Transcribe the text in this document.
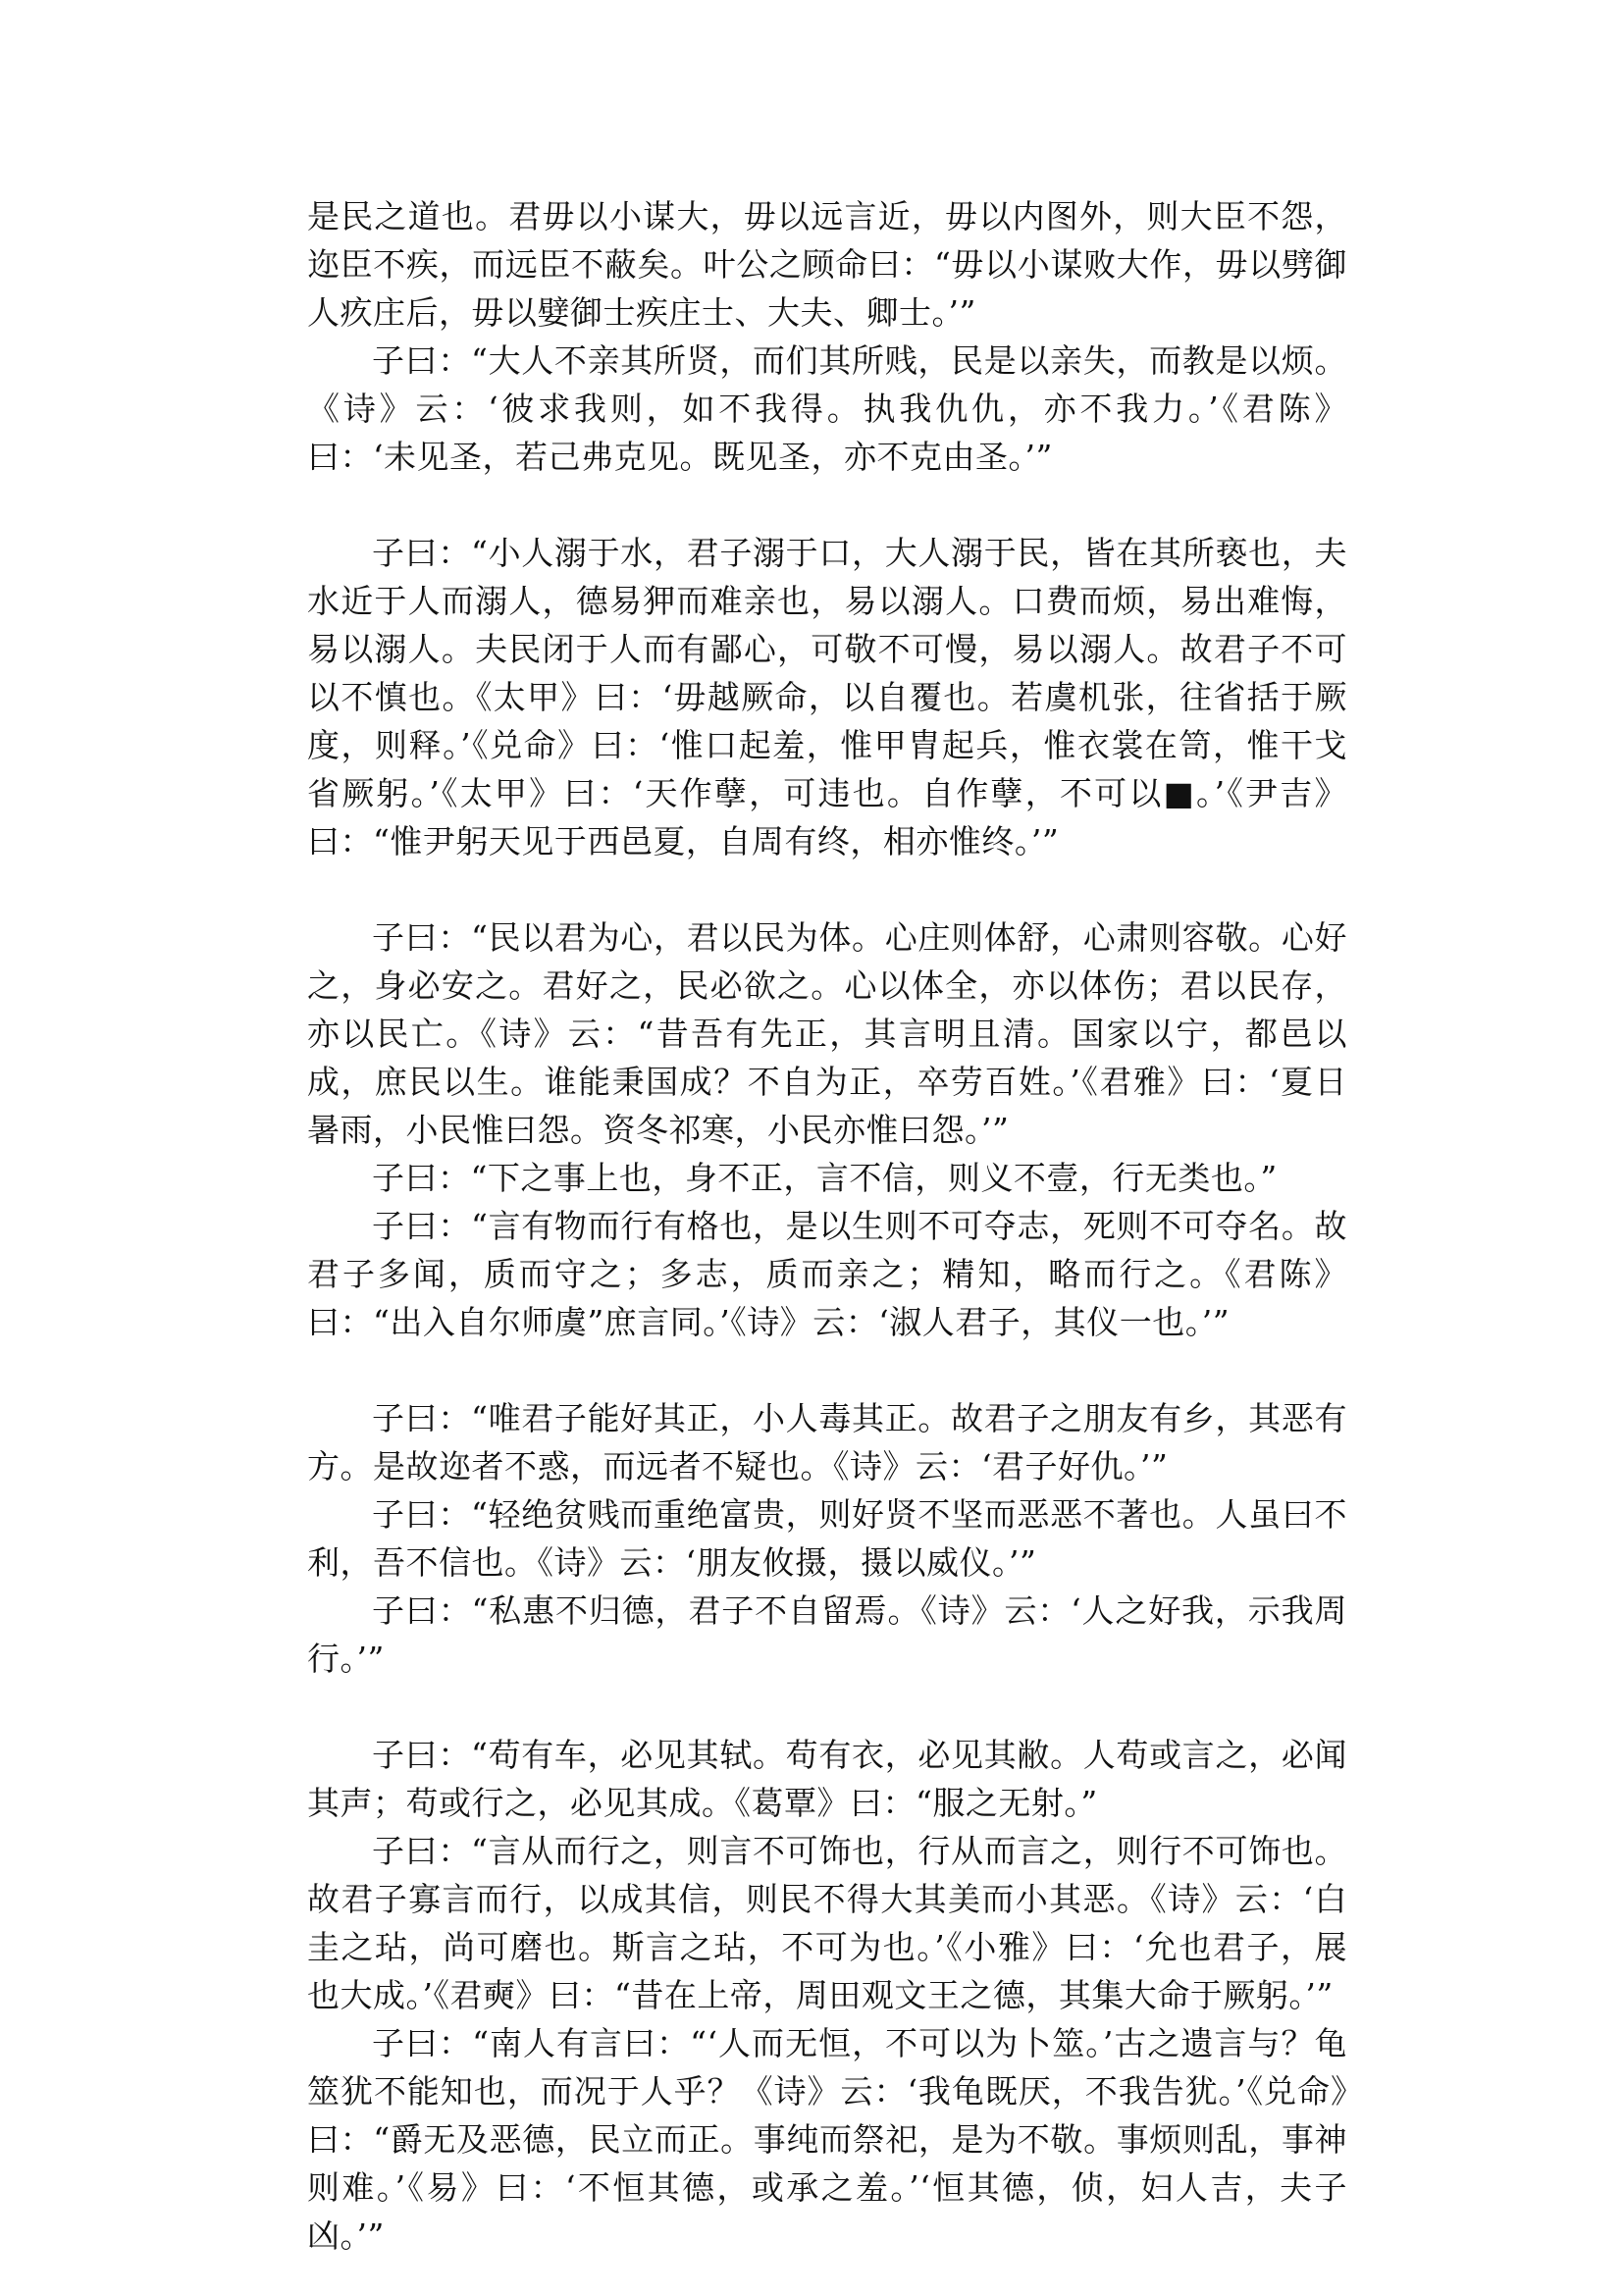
是民之道也。君毋以小谋大，毋以远言近，毋以内图外，则大臣不怨，迩臣不疾，而远臣不蔽矣。叶公之顾命曰：“毋以小谋败大作，毋以劈御人疚庄后，毋以嬖御士疾庄士、大夫、卿士。’”

子曰：“大人不亲其所贤，而们其所贱，民是以亲失，而教是以烦。《诗》云：‘彼求我则，如不我得。执我仇仇，亦不我力。’《君陈》曰：‘未见圣，若己弗克见。既见圣，亦不克由圣。’”

子曰：“小人溺于水，君子溺于口，大人溺于民，皆在其所亵也，夫水近于人而溺人，德易狎而难亲也，易以溺人。口费而烦，易出难悔，易以溺人。夫民闭于人而有鄙心，可敬不可慢，易以溺人。故君子不可以不慎也。《太甲》曰：‘毋越厥命，以自覆也。若虞机张，往省括于厥度，则释。’《兑命》曰：‘惟口起羞，惟甲胄起兵，惟衣裳在笥，惟干戈省厥躬。’《太甲》曰：‘天作孽，可违也。自作孽，不可以■。’《尹吉》曰：“惟尹躬天见于西邑夏，自周有终，相亦惟终。’”

子曰：“民以君为心，君以民为体。心庄则体舒，心肃则容敬。心好之，身必安之。君好之，民必欲之。心以体全，亦以体伤；君以民存，亦以民亡。《诗》云：“昔吾有先正，其言明且清。国家以宁，都邑以成，庶民以生。谁能秉国成？不自为正，卒劳百姓。’《君雅》曰：‘夏日暑雨，小民惟曰怨。资冬祁寒，小民亦惟曰怨。’”

子曰：“下之事上也，身不正，言不信，则义不壹，行无类也。”

子曰：“言有物而行有格也，是以生则不可夺志，死则不可夺名。故君子多闻，质而守之；多志，质而亲之；精知，略而行之。《君陈》曰：“出入自尔师虞”庶言同。’《诗》云：‘淑人君子，其仪一也。’”

子曰：“唯君子能好其正，小人毒其正。故君子之朋友有乡，其恶有方。是故迩者不惑，而远者不疑也。《诗》云：‘君子好仇。’”

子曰：“轻绝贫贱而重绝富贵，则好贤不坚而恶恶不著也。人虽曰不利，吾不信也。《诗》云：‘朋友攸摄，摄以威仪。’”

子曰：“私惠不归德，君子不自留焉。《诗》云：‘人之好我，示我周行。’”

子曰：“苟有车，必见其轼。苟有衣，必见其敝。人苟或言之，必闻其声；苟或行之，必见其成。《葛覃》曰：“服之无射。”

子曰：“言从而行之，则言不可饰也，行从而言之，则行不可饰也。故君子寡言而行，以成其信，则民不得大其美而小其恶。《诗》云：‘白圭之玷，尚可磨也。斯言之玷，不可为也。’《小雅》曰：‘允也君子，展也大成。’《君奭》曰：“昔在上帝，周田观文王之德，其集大命于厥躬。’”

子曰：“南人有言曰：“‘人而无恒，不可以为卜筮。’古之遗言与？龟筮犹不能知也，而况于人乎？《诗》云：‘我龟既厌，不我告犹。’《兑命》曰：“爵无及恶德，民立而正。事纯而祭祀，是为不敬。事烦则乱，事神则难。’《易》曰：‘不恒其德，或承之羞。’‘恒其德，侦，妇人吉，夫子凶。’”
